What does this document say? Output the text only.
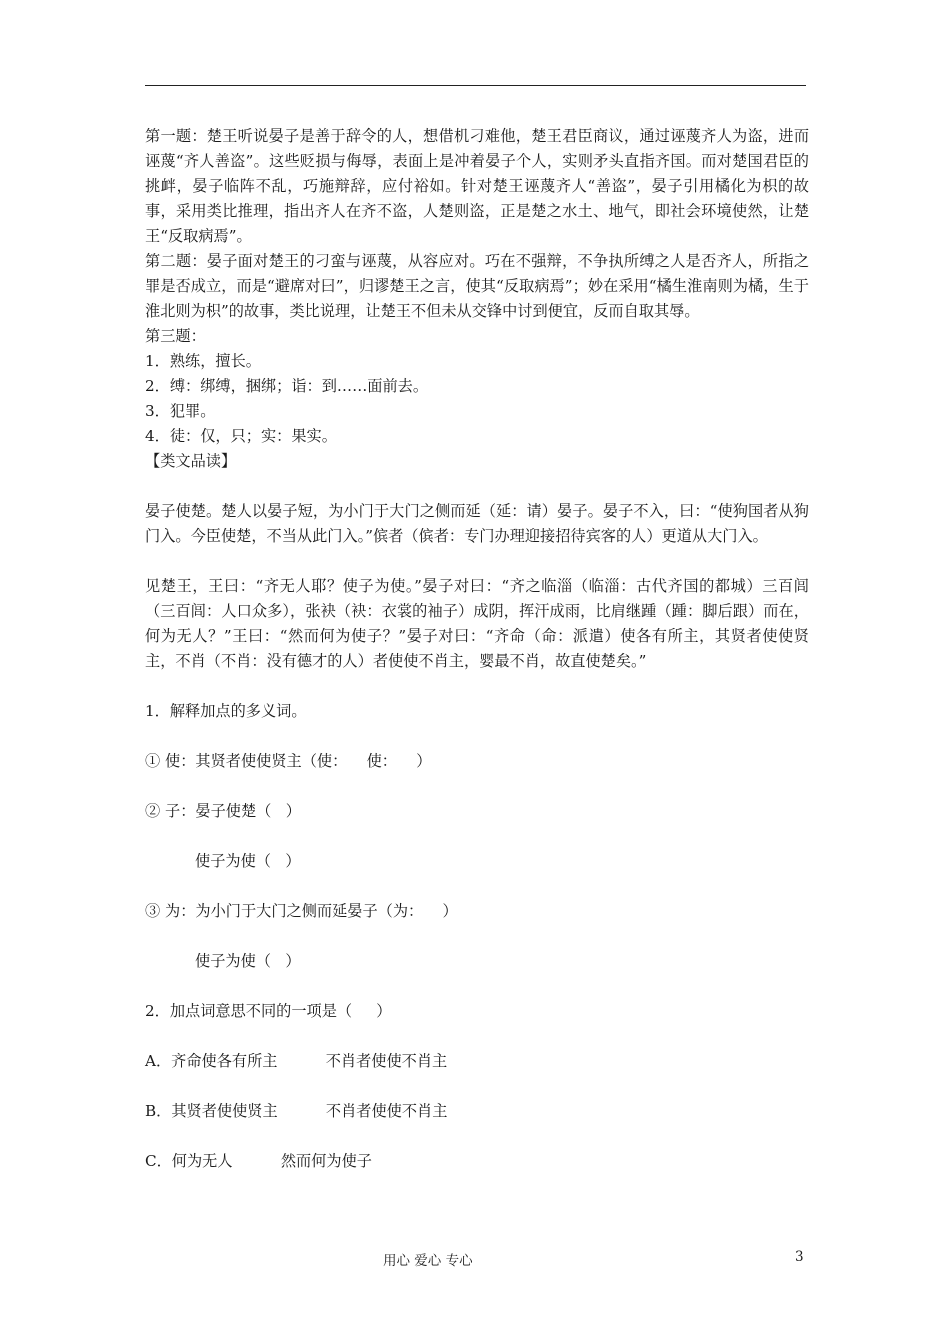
第一题：楚王听说晏子是善于辞令的人，想借机刁难他，楚王君臣商议，通过诬蔑齐人为盗，进而诬蔑“齐人善盗”。这些贬损与侮辱，表面上是冲着晏子个人，实则矛头直指齐国。而对楚国君臣的挑衅，晏子临阵不乱，巧施辩辞，应付裕如。针对楚王诬蔑齐人“善盗”，晏子引用橘化为枳的故事，采用类比推理，指出齐人在齐不盗，人楚则盗，正是楚之水土、地气，即社会环境使然，让楚王“反取病焉”。

第二题：晏子面对楚王的刁蛮与诬蔑，从容应对。巧在不强辩，不争执所缚之人是否齐人，所指之罪是否成立，而是“避席对曰”，归谬楚王之言，使其“反取病焉”；妙在采用“橘生淮南则为橘，生于淮北则为枳”的故事，类比说理，让楚王不但未从交锋中讨到便宜，反而自取其辱。

第三题：

1．熟练，擅长。

2．缚：绑缚，捆绑；诣：到……面前去。

3．犯罪。

4．徒：仅，只；实：果实。

【类文品读】

晏子使楚。楚人以晏子短，为小门于大门之侧而延（延：请）晏子。晏子不入，曰：“使狗国者从狗门入。今臣使楚，不当从此门入。”傧者（傧者：专门办理迎接招待宾客的人）更道从大门入。

见楚王，王曰：“齐无人耶？使子为使。”晏子对曰：“齐之临淄（临淄：古代齐国的都城）三百闾（三百闾：人口众多），张袂（袂：衣裳的袖子）成阴，挥汗成雨，比肩继踵（踵：脚后跟）而在，何为无人？”王曰：“然而何为使子？”晏子对曰：“齐命（命：派遣）使各有所主，其贤者使使贤主，不肖（不肖：没有德才的人）者使使不肖主，婴最不肖，故直使楚矣。”

1．解释加点的多义词。

① 使：其贤者使使贤主（使：    使：    ）

② 子：晏子使楚（   ）

使子为使（   ）

③ 为：为小门于大门之侧而延晏子（为：    ）

使子为使（   ）

2．加点词意思不同的一项是（     ）

A．齐命使各有所主          不肖者使使不肖主

B．其贤者使使贤主          不肖者使使不肖主

C．何为无人          然而何为使子

用心 爱心 专心	3
